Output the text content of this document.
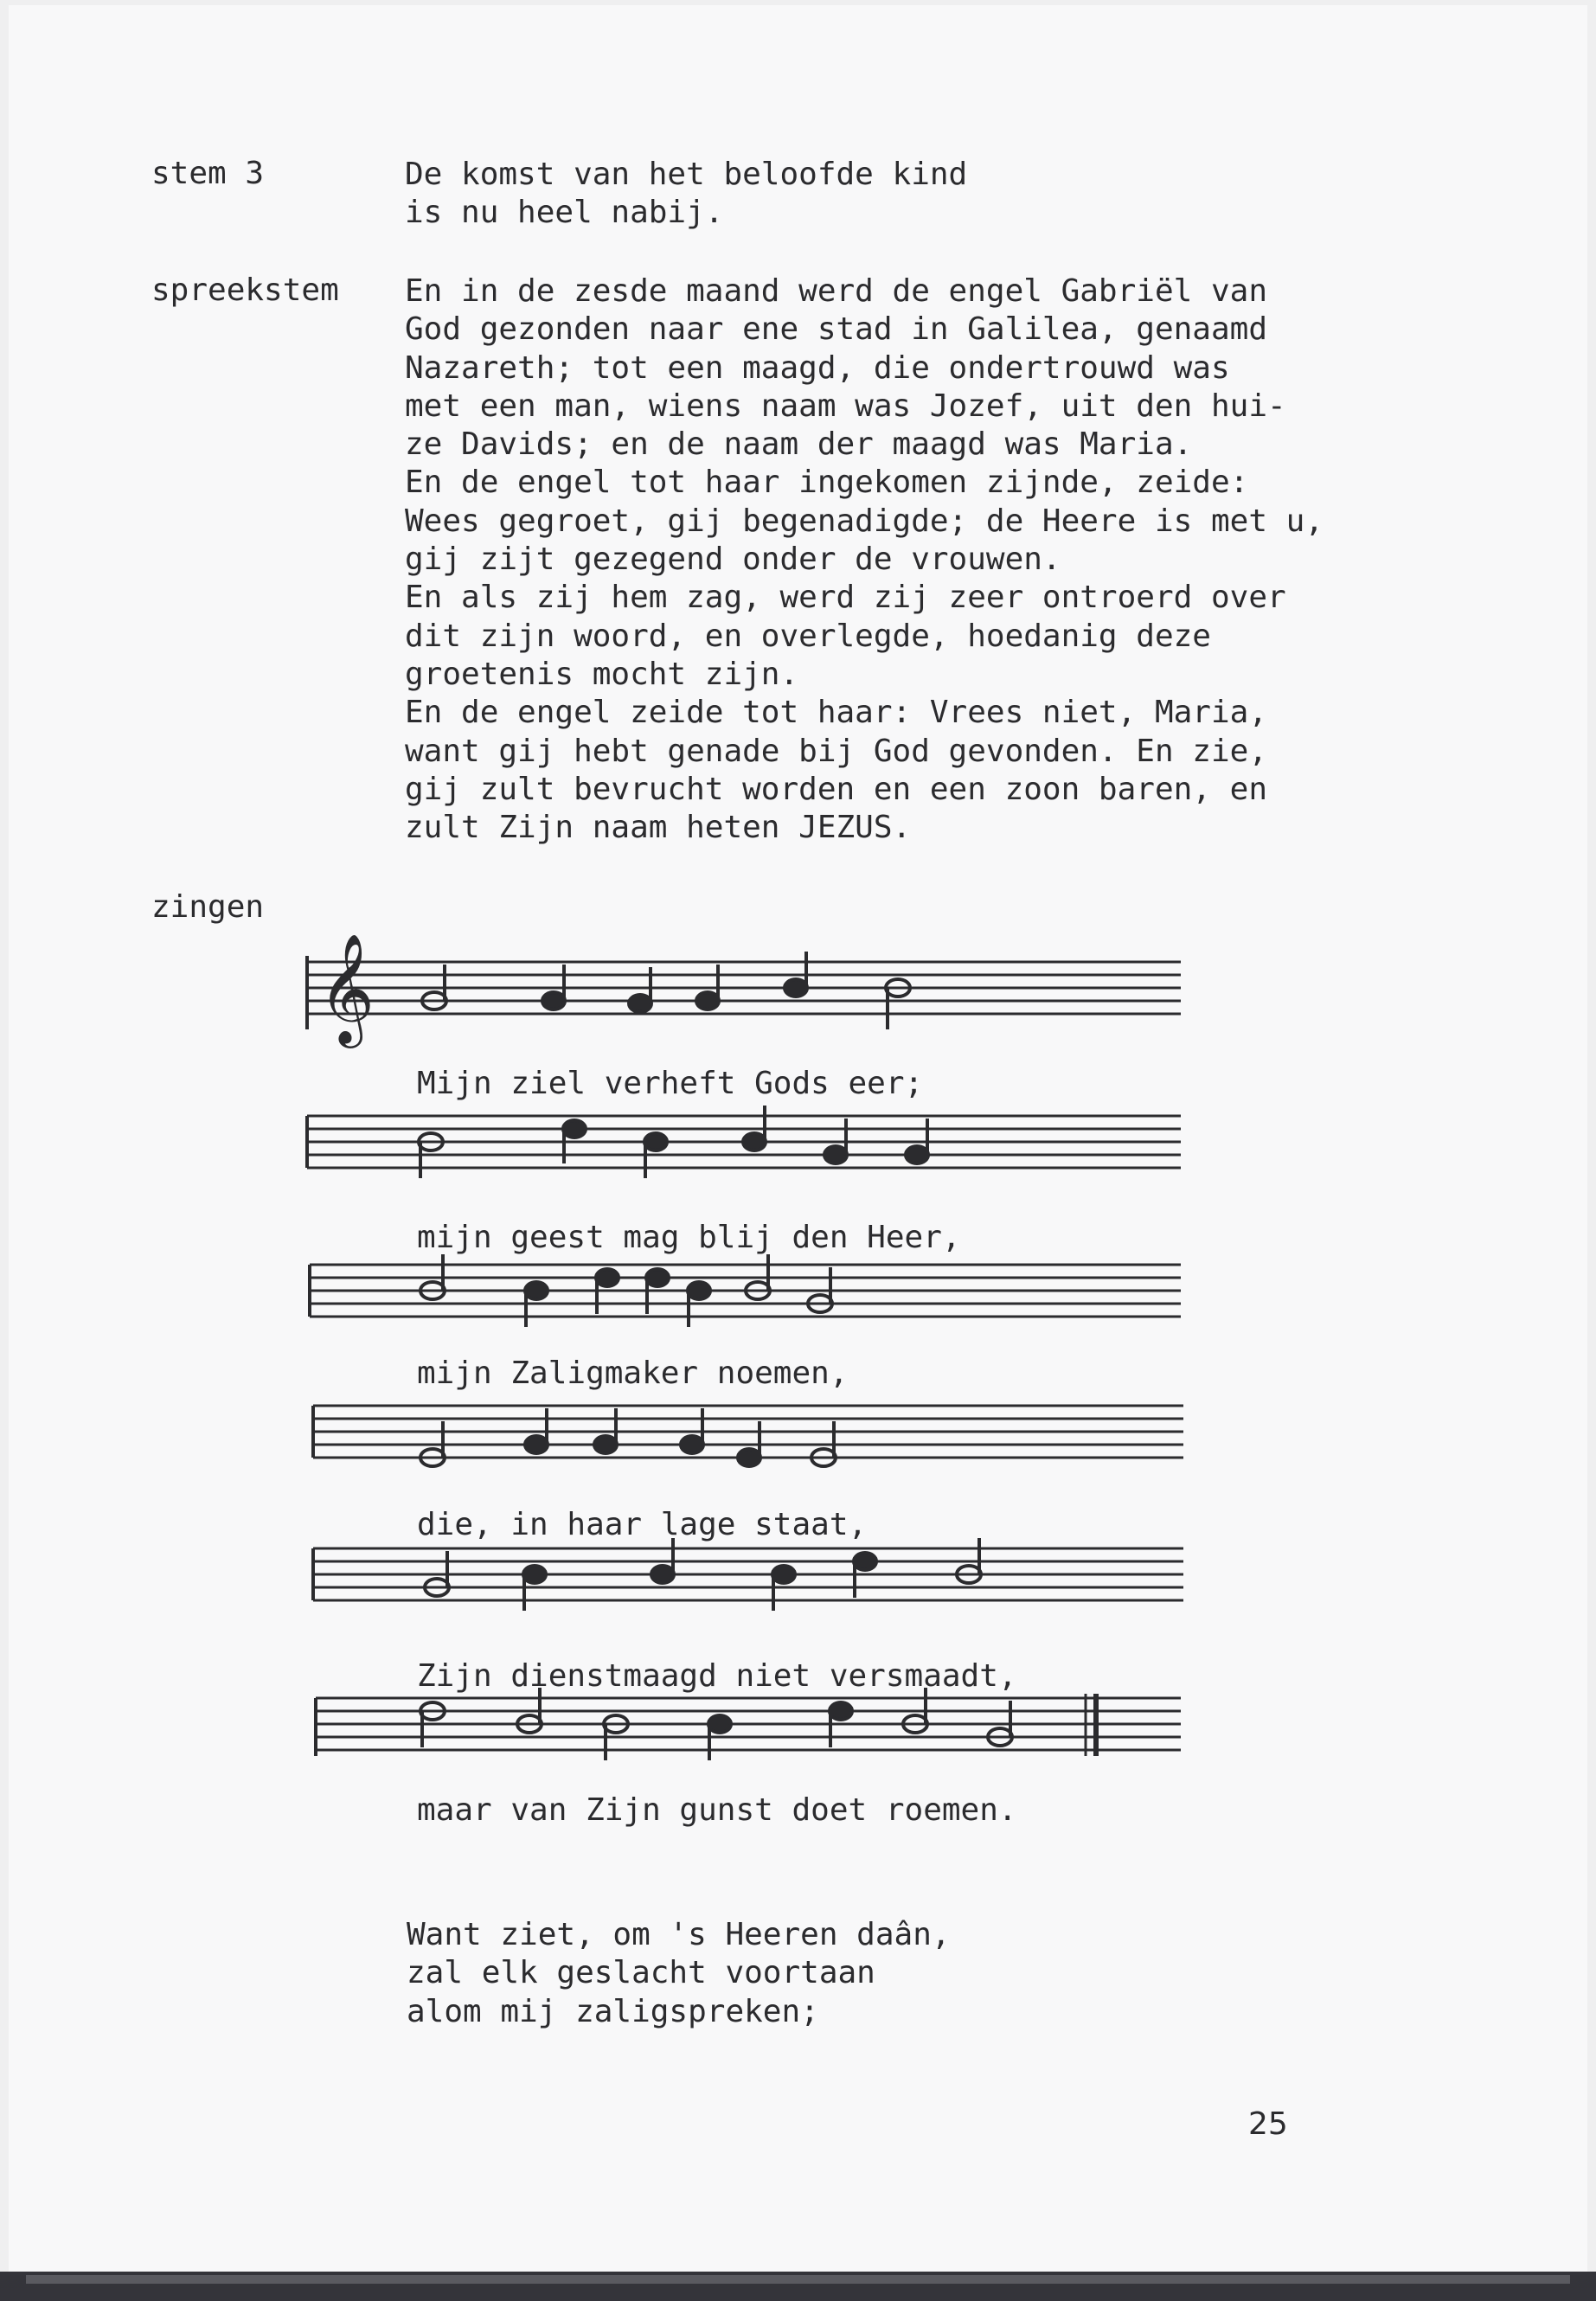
stem 3	De komst van het beloofde kind
is nu heel nabij.
spreekstem En in de zesde maand werd de engel Gabriël van
God gezonden naar ene stad in Galilea, genaamd
Nazareth; tot een maagd, die ondertrouwd was
met een man, wiens naam was Jozef, uit den hui-
ze Davids; en de naam der maagd was Maria.
En de engel tot haar ingekomen zijnde, zeide:
Wees gegroet, gij begenadigde; de Heere is met u,
gij zijt gezegend onder de vrouwen.
En als zij hem zag, werd zij zeer ontroerd over
dit zijn woord, en overlegde, hoedanig deze
groetenis mocht zijn.
En de engel zeide tot haar: Vrees niet, Maria,
want gij hebt genade bij God gevonden. En zie,
gij zult bevrucht worden en een zoon baren, en
zult Zijn naam heten JEZUS.
zingen
𝄞
Mijn ziel verheft Gods eer;
mijn geest mag blij den Heer,
mijn Zaligmaker noemen,
die, in haar lage staat,
Zijn dienstmaagd niet versmaadt,
maar van Zijn gunst doet roemen.
Want ziet, om 's Heeren daân,
zal elk geslacht voortaan
alom mij zaligspreken;
25
